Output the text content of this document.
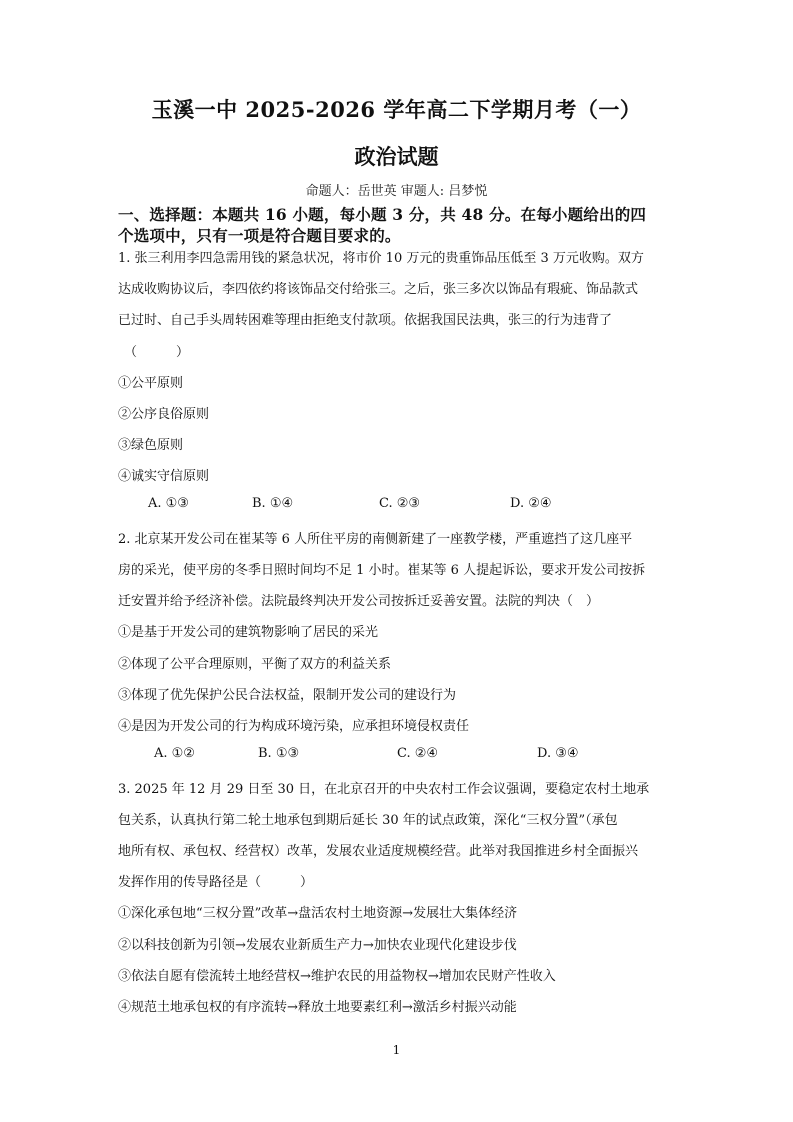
玉溪一中 2025-2026 学年高二下学期月考（一）
政治试题
命题人：岳世英 审题人: 吕梦悦
一、选择题：本题共 16 小题，每小题 3 分，共 48 分。在每小题给出的四
个选项中，只有一项是符合题目要求的。
1. 张三利用李四急需用钱的紧急状况，将市价 10 万元的贵重饰品压低至 3 万元收购。双方
达成收购协议后，李四依约将该饰品交付给张三。之后，张三多次以饰品有瑕疵、饰品款式
已过时、自己手头周转困难等理由拒绝支付款项。依据我国民法典，张三的行为违背了
（　　　）
①公平原则
②公序良俗原则
③绿色原则
④诚实守信原则
A. ①③	B. ①④	C. ②③	D. ②④
2. 北京某开发公司在崔某等 6 人所住平房的南侧新建了一座教学楼，严重遮挡了这几座平
房的采光，使平房的冬季日照时间均不足 1 小时。崔某等 6 人提起诉讼，要求开发公司按拆
迁安置并给予经济补偿。法院最终判决开发公司按拆迁妥善安置。法院的判决（　）
①是基于开发公司的建筑物影响了居民的采光
②体现了公平合理原则，平衡了双方的利益关系
③体现了优先保护公民合法权益，限制开发公司的建设行为
④是因为开发公司的行为构成环境污染，应承担环境侵权责任
A. ①②	B. ①③	C. ②④	D. ③④
3. 2025 年 12 月 29 日至 30 日，在北京召开的中央农村工作会议强调，要稳定农村土地承
包关系，认真执行第二轮土地承包到期后延长 30 年的试点政策，深化“三权分置”（承包
地所有权、承包权、经营权）改革，发展农业适度规模经营。此举对我国推进乡村全面振兴
发挥作用的传导路径是（　　　）
①深化承包地“三权分置”改革→盘活农村土地资源→发展壮大集体经济
②以科技创新为引领→发展农业新质生产力→加快农业现代化建设步伐
③依法自愿有偿流转土地经营权→维护农民的用益物权→增加农民财产性收入
④规范土地承包权的有序流转→释放土地要素红利→激活乡村振兴动能
1
